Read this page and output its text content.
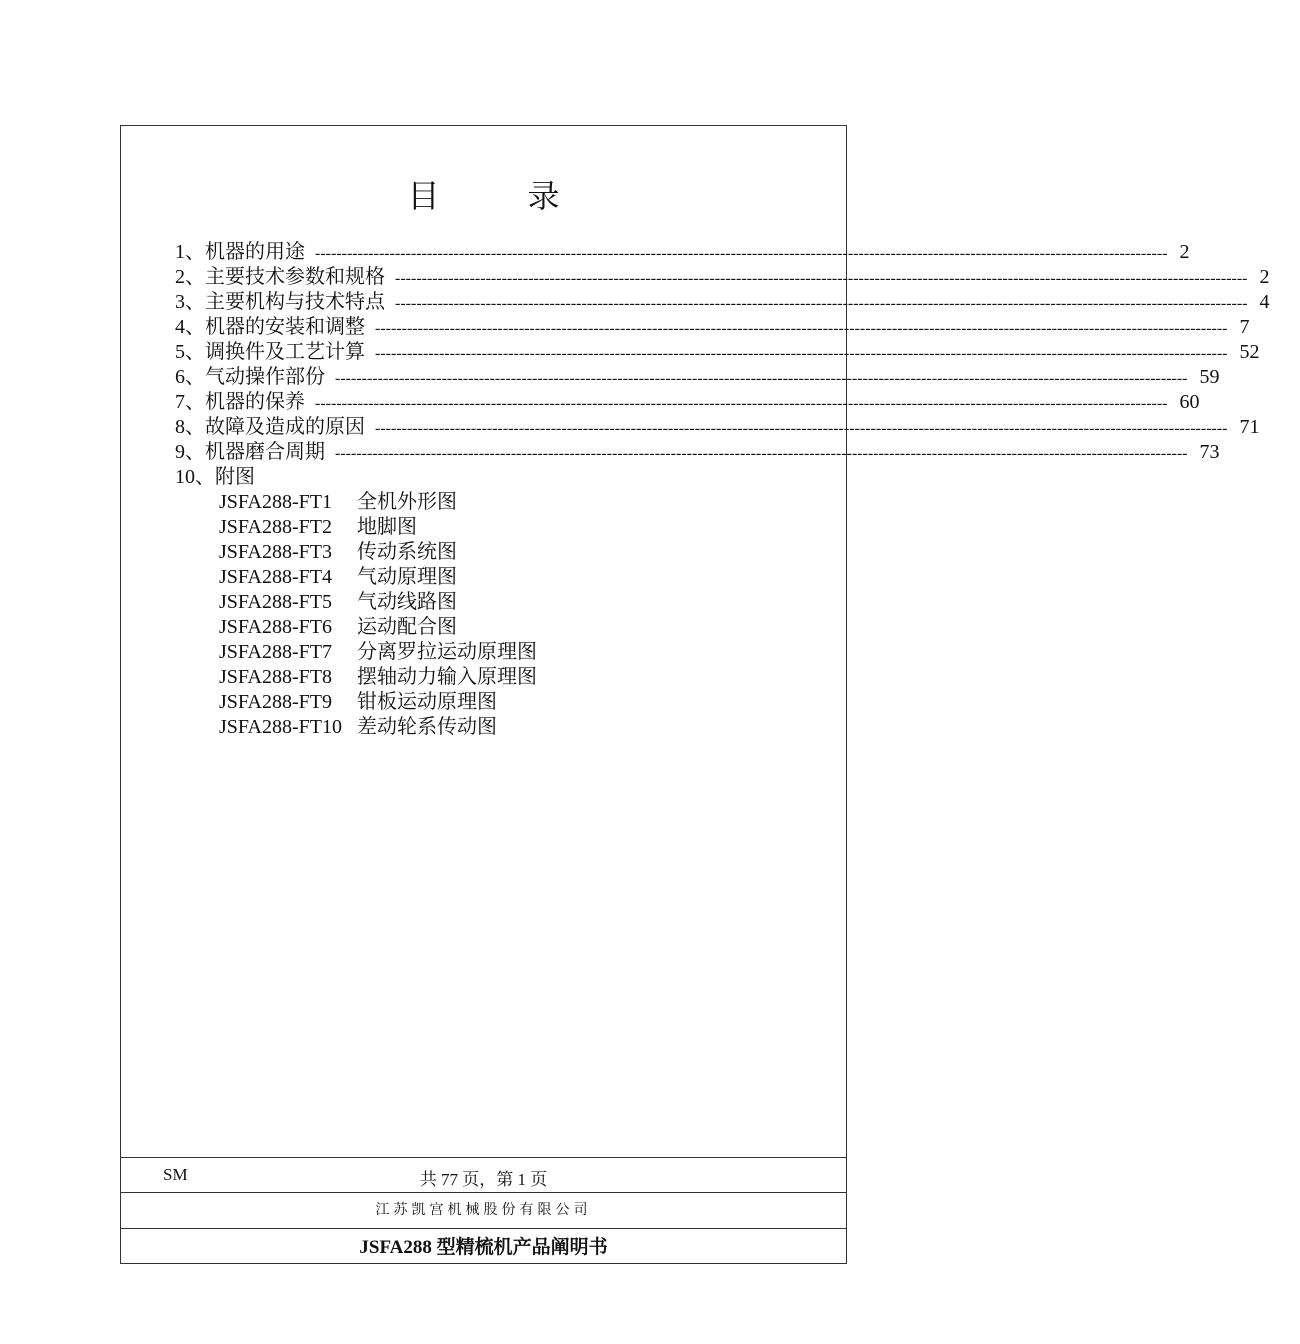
目 录
1、机器的用途 ---------------------------------------------------------------------------------------------------------------------------------------------------------------- 2
2、主要技术参数和规格 ---------------------------------------------------------------------------------------------------------------------------------------------------------------- 2
3、主要机构与技术特点 ---------------------------------------------------------------------------------------------------------------------------------------------------------------- 4
4、机器的安装和调整 ---------------------------------------------------------------------------------------------------------------------------------------------------------------- 7
5、调换件及工艺计算 ---------------------------------------------------------------------------------------------------------------------------------------------------------------- 52
6、气动操作部份 ---------------------------------------------------------------------------------------------------------------------------------------------------------------- 59
7、机器的保养 ---------------------------------------------------------------------------------------------------------------------------------------------------------------- 60
8、故障及造成的原因 ---------------------------------------------------------------------------------------------------------------------------------------------------------------- 71
9、机器磨合周期 ---------------------------------------------------------------------------------------------------------------------------------------------------------------- 73
10、附图
JSFA288-FT1 全机外形图
JSFA288-FT2 地脚图
JSFA288-FT3 传动系统图
JSFA288-FT4 气动原理图
JSFA288-FT5 气动线路图
JSFA288-FT6 运动配合图
JSFA288-FT7 分离罗拉运动原理图
JSFA288-FT8 摆轴动力输入原理图
JSFA288-FT9 钳板运动原理图
JSFA288-FT10 差动轮系传动图
SM	共 77 页，第 1 页
江苏凯宫机械股份有限公司
JSFA288 型精梳机产品阐明书
